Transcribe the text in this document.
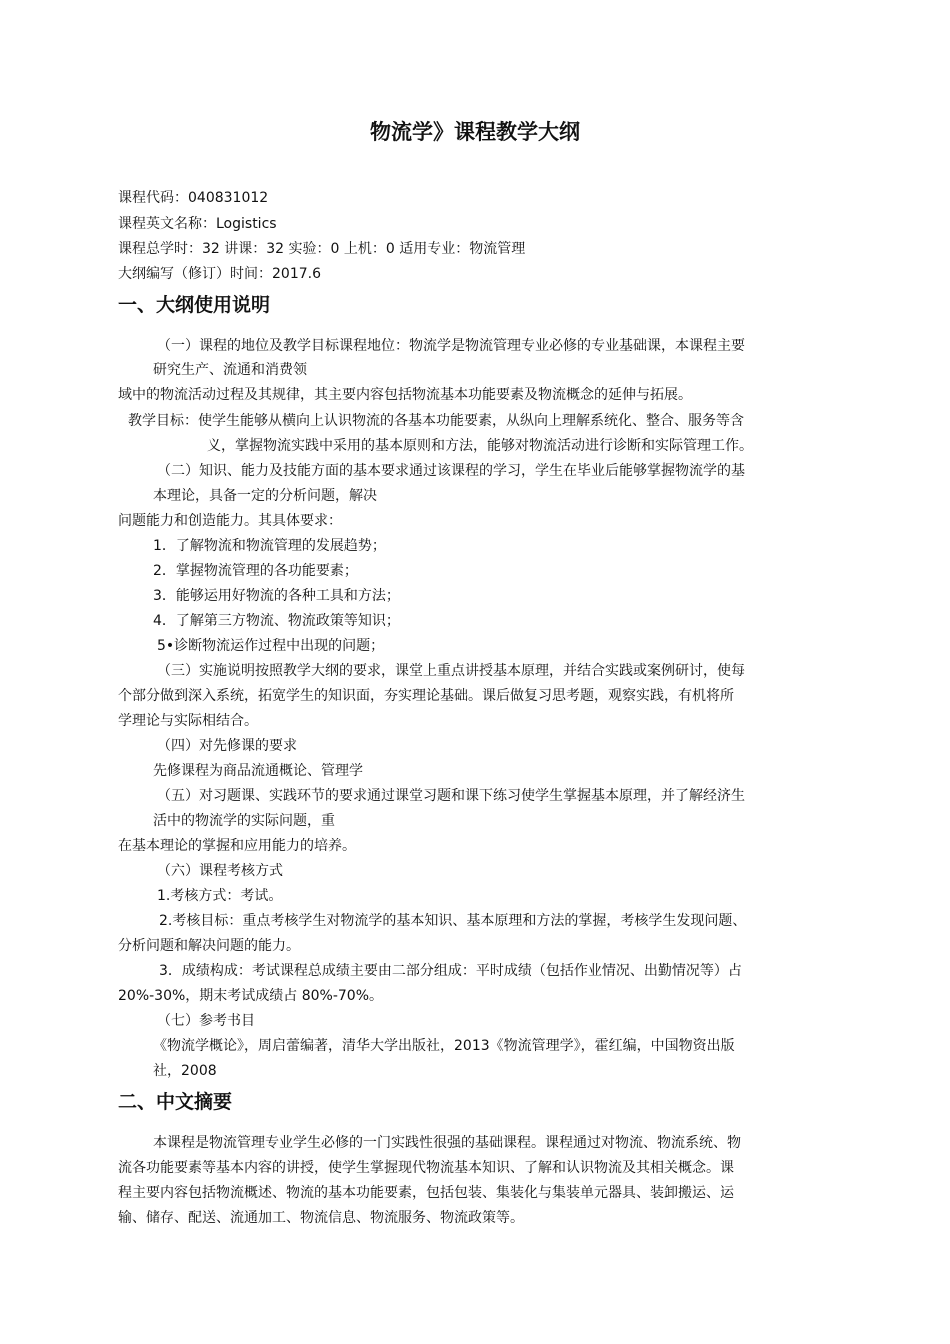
物流学》课程教学大纲
课程代码：040831012
课程英文名称：Logistics
课程总学时：32 讲课：32 实验：0 上机：0 适用专业：物流管理
大纲编写（修订）时间：2017.6
一、大纲使用说明
（一）课程的地位及教学目标课程地位：物流学是物流管理专业必修的专业基础课，本课程主要
研究生产、流通和消费领
域中的物流活动过程及其规律，其主要内容包括物流基本功能要素及物流概念的延伸与拓展。
教学目标：使学生能够从横向上认识物流的各基本功能要素，从纵向上理解系统化、整合、服务等含
义，掌握物流实践中采用的基本原则和方法，能够对物流活动进行诊断和实际管理工作。
（二）知识、能力及技能方面的基本要求通过该课程的学习，学生在毕业后能够掌握物流学的基
本理论，具备一定的分析问题，解决
问题能力和创造能力。其具体要求：
1．了解物流和物流管理的发展趋势；
2．掌握物流管理的各功能要素；
3．能够运用好物流的各种工具和方法；
4．了解第三方物流、物流政策等知识；
5•诊断物流运作过程中出现的问题；
（三）实施说明按照教学大纲的要求，课堂上重点讲授基本原理，并结合实践或案例研讨，使每
个部分做到深入系统，拓宽学生的知识面，夯实理论基础。课后做复习思考题，观察实践，有机将所
学理论与实际相结合。
（四）对先修课的要求
先修课程为商品流通概论、管理学
（五）对习题课、实践环节的要求通过课堂习题和课下练习使学生掌握基本原理，并了解经济生
活中的物流学的实际问题，重
在基本理论的掌握和应用能力的培养。
（六）课程考核方式
1.考核方式：考试。
2.考核目标：重点考核学生对物流学的基本知识、基本原理和方法的掌握，考核学生发现问题、
分析问题和解决问题的能力。
3．成绩构成：考试课程总成绩主要由二部分组成：平时成绩（包括作业情况、出勤情况等）占
20%-30%，期末考试成绩占 80%-70%。
（七）参考书目
《物流学概论》，周启蕾编著，清华大学出版社，2013《物流管理学》，霍红编，中国物资出版
社，2008
二、中文摘要
本课程是物流管理专业学生必修的一门实践性很强的基础课程。课程通过对物流、物流系统、物
流各功能要素等基本内容的讲授，使学生掌握现代物流基本知识、了解和认识物流及其相关概念。课
程主要内容包括物流概述、物流的基本功能要素，包括包装、集装化与集装单元器具、装卸搬运、运
输、储存、配送、流通加工、物流信息、物流服务、物流政策等。
